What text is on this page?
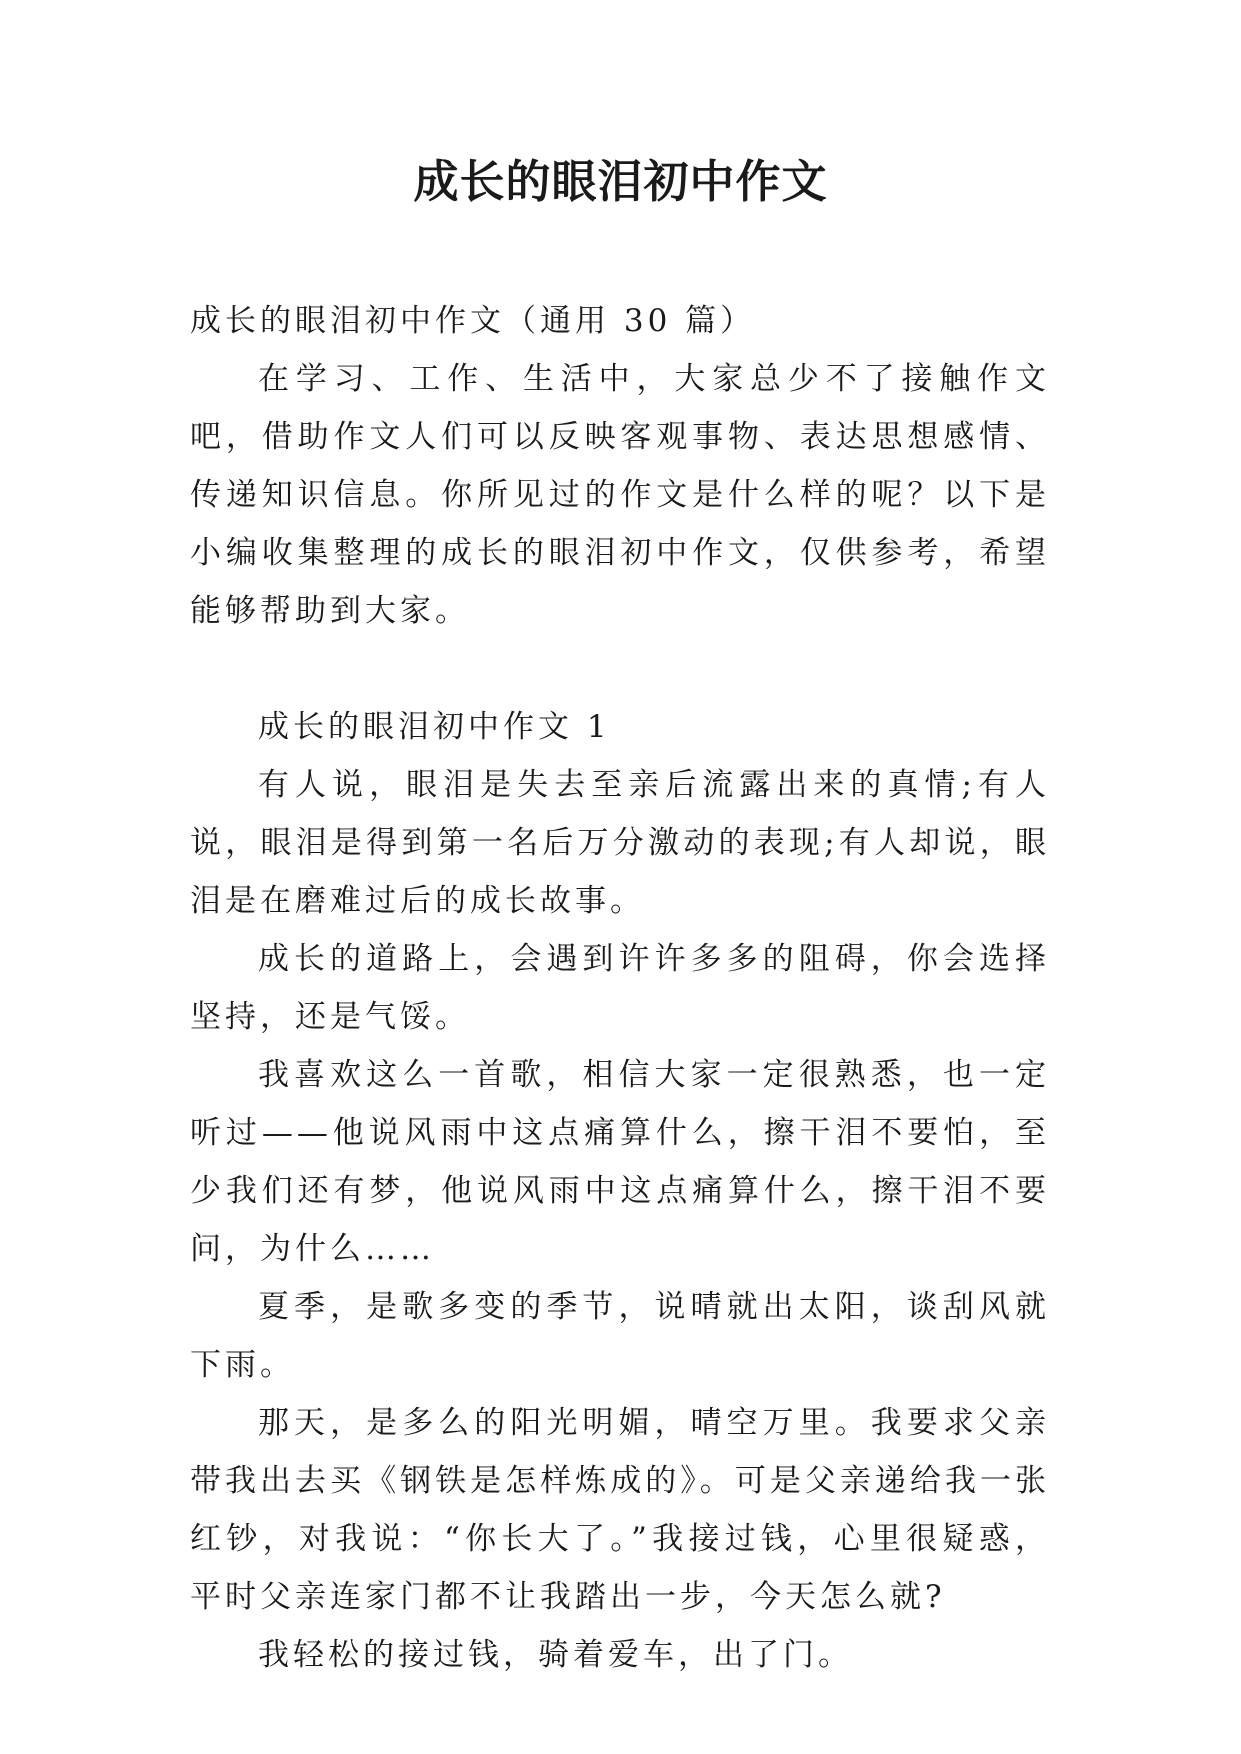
成长的眼泪初中作文

成长的眼泪初中作文（通用 30 篇）

在学习、工作、生活中，大家总少不了接触作文吧，借助作文人们可以反映客观事物、表达思想感情、传递知识信息。你所见过的作文是什么样的呢？以下是小编收集整理的成长的眼泪初中作文，仅供参考，希望能够帮助到大家。

成长的眼泪初中作文 1

有人说，眼泪是失去至亲后流露出来的真情;有人说，眼泪是得到第一名后万分激动的表现;有人却说，眼泪是在磨难过后的成长故事。

成长的道路上，会遇到许许多多的阻碍，你会选择坚持，还是气馁。

我喜欢这么一首歌，相信大家一定很熟悉，也一定听过——他说风雨中这点痛算什么，擦干泪不要怕，至少我们还有梦，他说风雨中这点痛算什么，擦干泪不要问，为什么……

夏季，是歌多变的季节，说晴就出太阳，谈刮风就下雨。

那天，是多么的阳光明媚，晴空万里。我要求父亲带我出去买《钢铁是怎样炼成的》。可是父亲递给我一张红钞，对我说：“你长大了。”我接过钱，心里很疑惑，平时父亲连家门都不让我踏出一步，今天怎么就?

我轻松的接过钱，骑着爱车，出了门。
